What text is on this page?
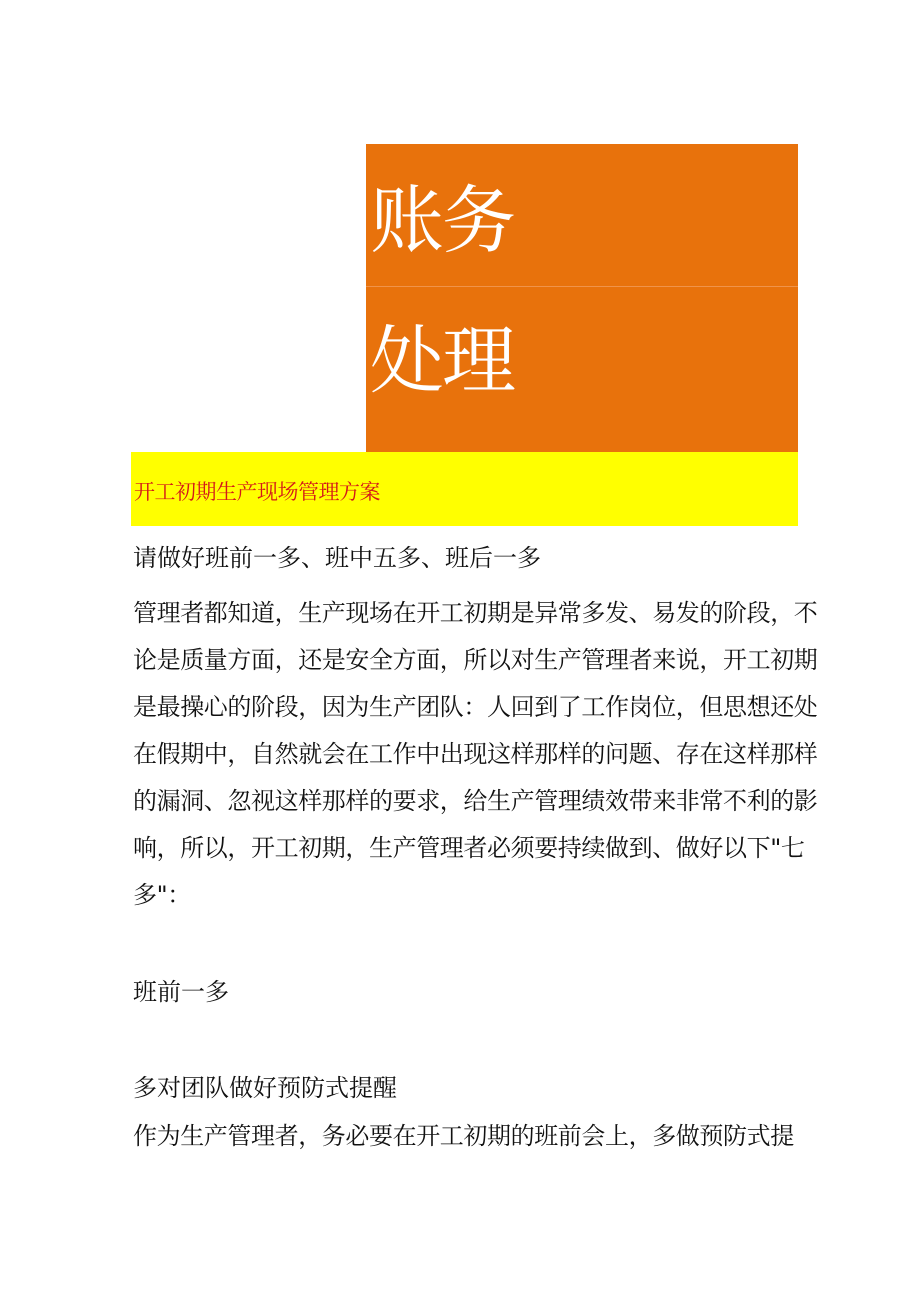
账务
处理
开工初期生产现场管理方案
请做好班前一多、班中五多、班后一多
管理者都知道，生产现场在开工初期是异常多发、易发的阶段，不
论是质量方面，还是安全方面，所以对生产管理者来说，开工初期
是最操心的阶段，因为生产团队：人回到了工作岗位，但思想还处
在假期中，自然就会在工作中出现这样那样的问题、存在这样那样
的漏洞、忽视这样那样的要求，给生产管理绩效带来非常不利的影
响，所以，开工初期，生产管理者必须要持续做到、做好以下"七
多"：
班前一多
多对团队做好预防式提醒
作为生产管理者，务必要在开工初期的班前会上，多做预防式提
